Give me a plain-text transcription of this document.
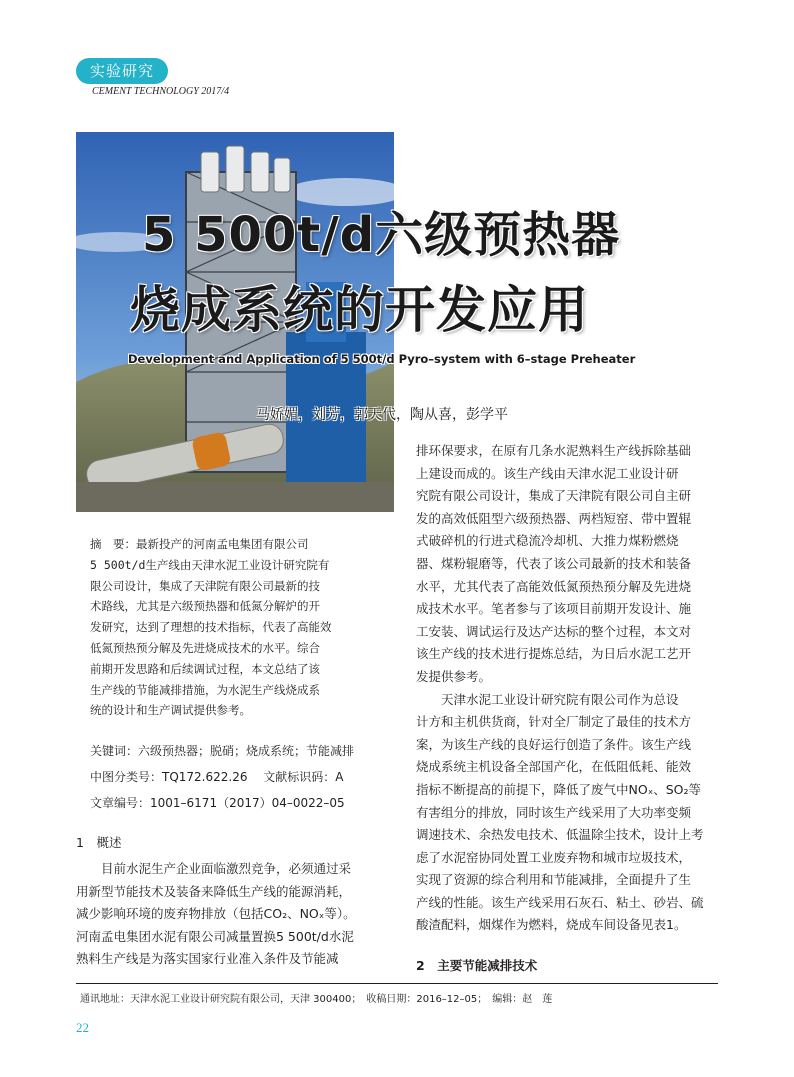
实验研究
CEMENT TECHNOLOGY 2017/4
5 500t/d六级预热器
烧成系统的开发应用
Development and Application of 5 500t/d Pyro–system with 6–stage Preheater
马娇媚，刘芳，郭天代，陶从喜，彭学平
摘　要：最新投产的河南孟电集团有限公司
5 500t/d生产线由天津水泥工业设计研究院有
限公司设计，集成了天津院有限公司最新的技
术路线，尤其是六级预热器和低氮分解炉的开
发研究，达到了理想的技术指标，代表了高能效
低氮预热预分解及先进烧成技术的水平。综合
前期开发思路和后续调试过程，本文总结了该
生产线的节能减排措施，为水泥生产线烧成系
统的设计和生产调试提供参考。
关键词：六级预热器；脱硝；烧成系统；节能减排
中图分类号：TQ172.622.26　 文献标识码：A
文章编号：1001–6171（2017）04–0022–05
1　概述

目前水泥生产企业面临激烈竞争，必须通过采

用新型节能技术及装备来降低生产线的能源消耗，

减少影响环境的废弃物排放（包括CO₂、NOₓ等）。

河南孟电集团水泥有限公司减量置换5 500t/d水泥

熟料生产线是为落实国家行业准入条件及节能减

排环保要求，在原有几条水泥熟料生产线拆除基础

上建设而成的。该生产线由天津水泥工业设计研

究院有限公司设计，集成了天津院有限公司自主研

发的高效低阻型六级预热器、两档短窑、带中置辊

式破碎机的行进式稳流冷却机、大推力煤粉燃烧

器、煤粉辊磨等，代表了该公司最新的技术和装备

水平，尤其代表了高能效低氮预热预分解及先进烧

成技术水平。笔者参与了该项目前期开发设计、施

工安装、调试运行及达产达标的整个过程，本文对

该生产线的技术进行提炼总结，为日后水泥工艺开

发提供参考。

天津水泥工业设计研究院有限公司作为总设

计方和主机供货商，针对全厂制定了最佳的技术方

案，为该生产线的良好运行创造了条件。该生产线

烧成系统主机设备全部国产化，在低阻低耗、能效

指标不断提高的前提下，降低了废气中NOₓ、SO₂等

有害组分的排放，同时该生产线采用了大功率变频

调速技术、余热发电技术、低温除尘技术，设计上考

虑了水泥窑协同处置工业废弃物和城市垃圾技术，

实现了资源的综合利用和节能减排，全面提升了生

产线的性能。该生产线采用石灰石、粘土、砂岩、硫

酸渣配料，烟煤作为燃料，烧成车间设备见表1。

2　主要节能减排技术
通讯地址：天津水泥工业设计研究院有限公司，天津 300400；　收稿日期：2016–12–05；　编辑：赵　莲
22
